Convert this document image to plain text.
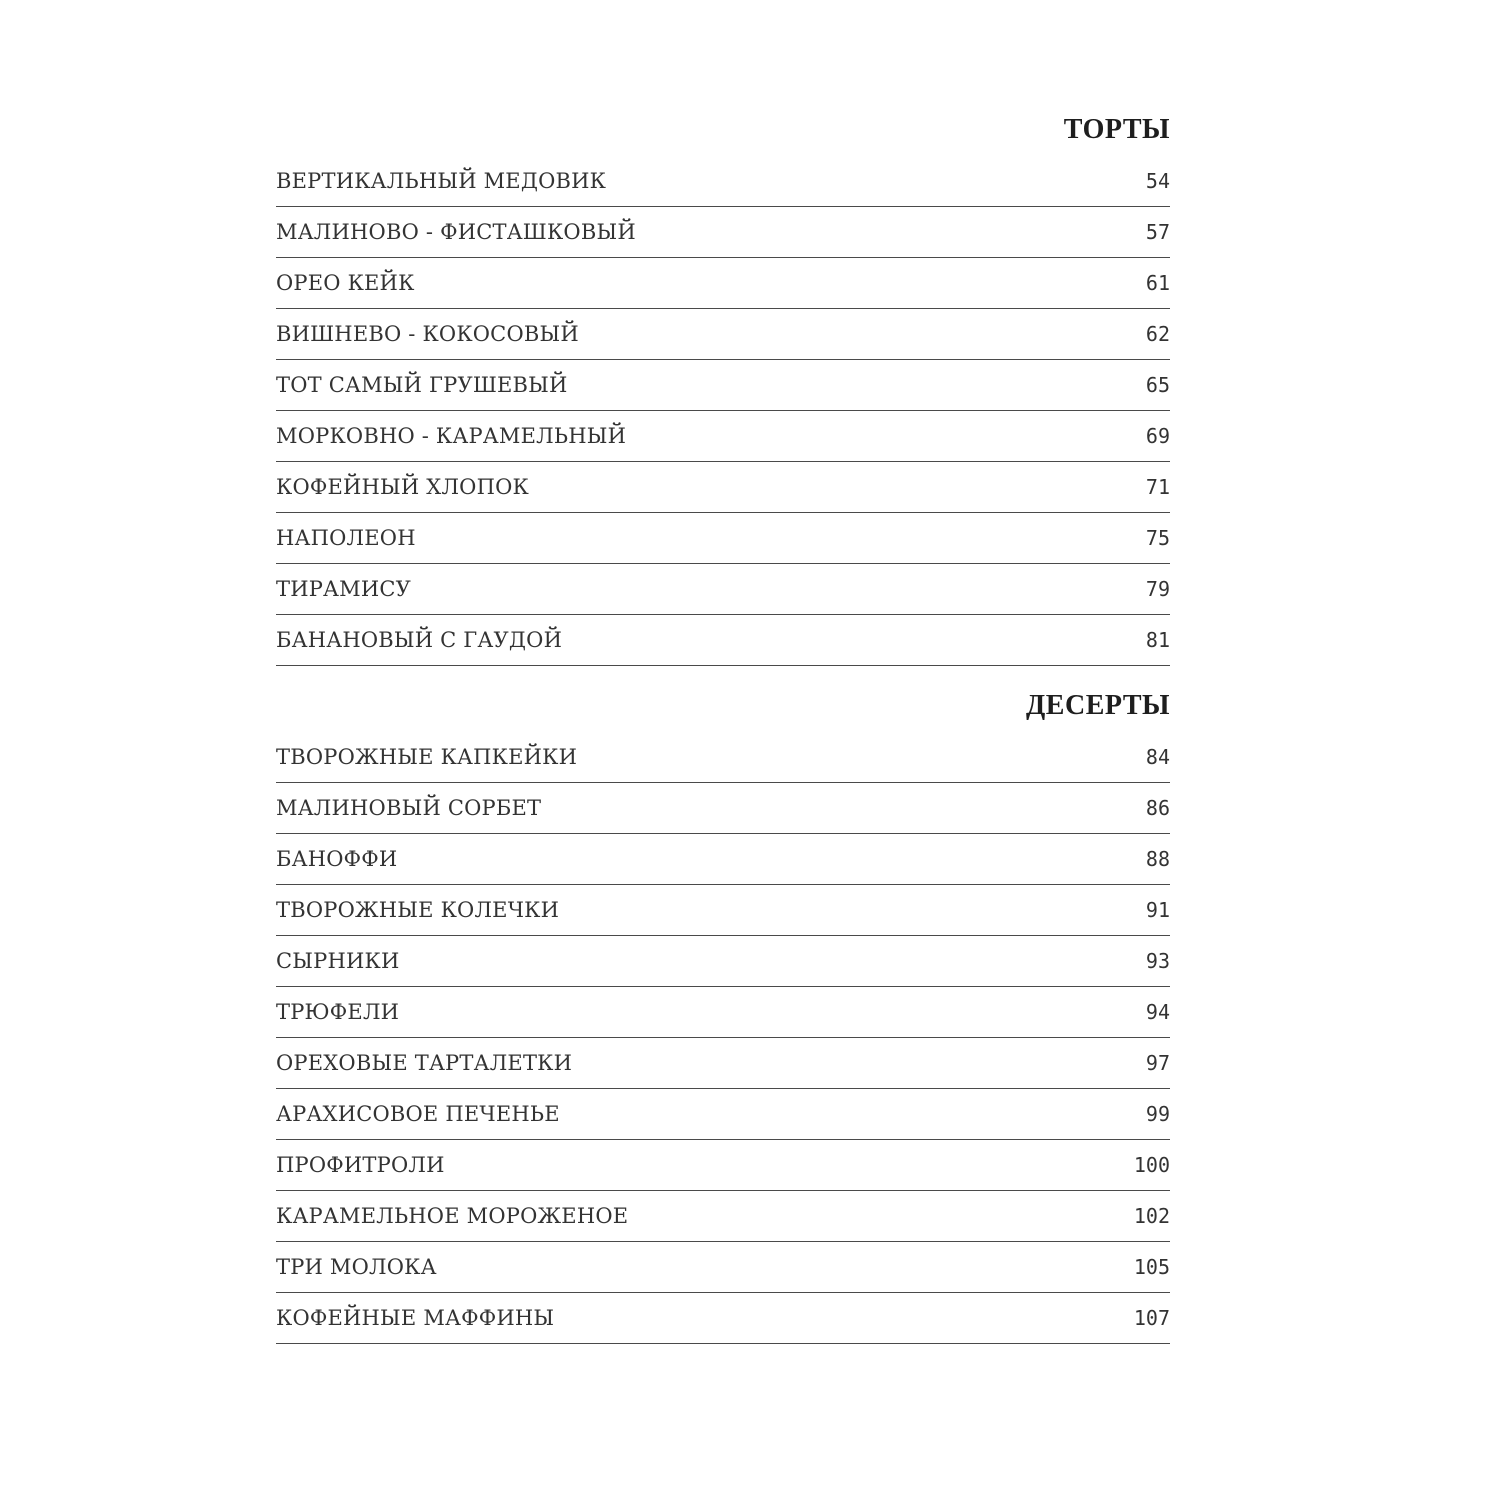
ТОРТЫ
ВЕРТИКАЛЬНЫЙ МЕДОВИК	54
МАЛИНОВО - ФИСТАШКОВЫЙ	57
ОРЕО КЕЙК	61
ВИШНЕВО - КОКОСОВЫЙ	62
ТОТ САМЫЙ ГРУШЕВЫЙ	65
МОРКОВНО - КАРАМЕЛЬНЫЙ	69
КОФЕЙНЫЙ ХЛОПОК	71
НАПОЛЕОН	75
ТИРАМИСУ	79
БАНАНОВЫЙ С ГАУДОЙ	81
ДЕСЕРТЫ
ТВОРОЖНЫЕ КАПКЕЙКИ	84
МАЛИНОВЫЙ СОРБЕТ	86
БАНОФФИ	88
ТВОРОЖНЫЕ КОЛЕЧКИ	91
СЫРНИКИ	93
ТРЮФЕЛИ	94
ОРЕХОВЫЕ ТАРТАЛЕТКИ	97
АРАХИСОВОЕ ПЕЧЕНЬЕ	99
ПРОФИТРОЛИ	100
КАРАМЕЛЬНОЕ МОРОЖЕНОЕ	102
ТРИ МОЛОКА	105
КОФЕЙНЫЕ МАФФИНЫ	107
